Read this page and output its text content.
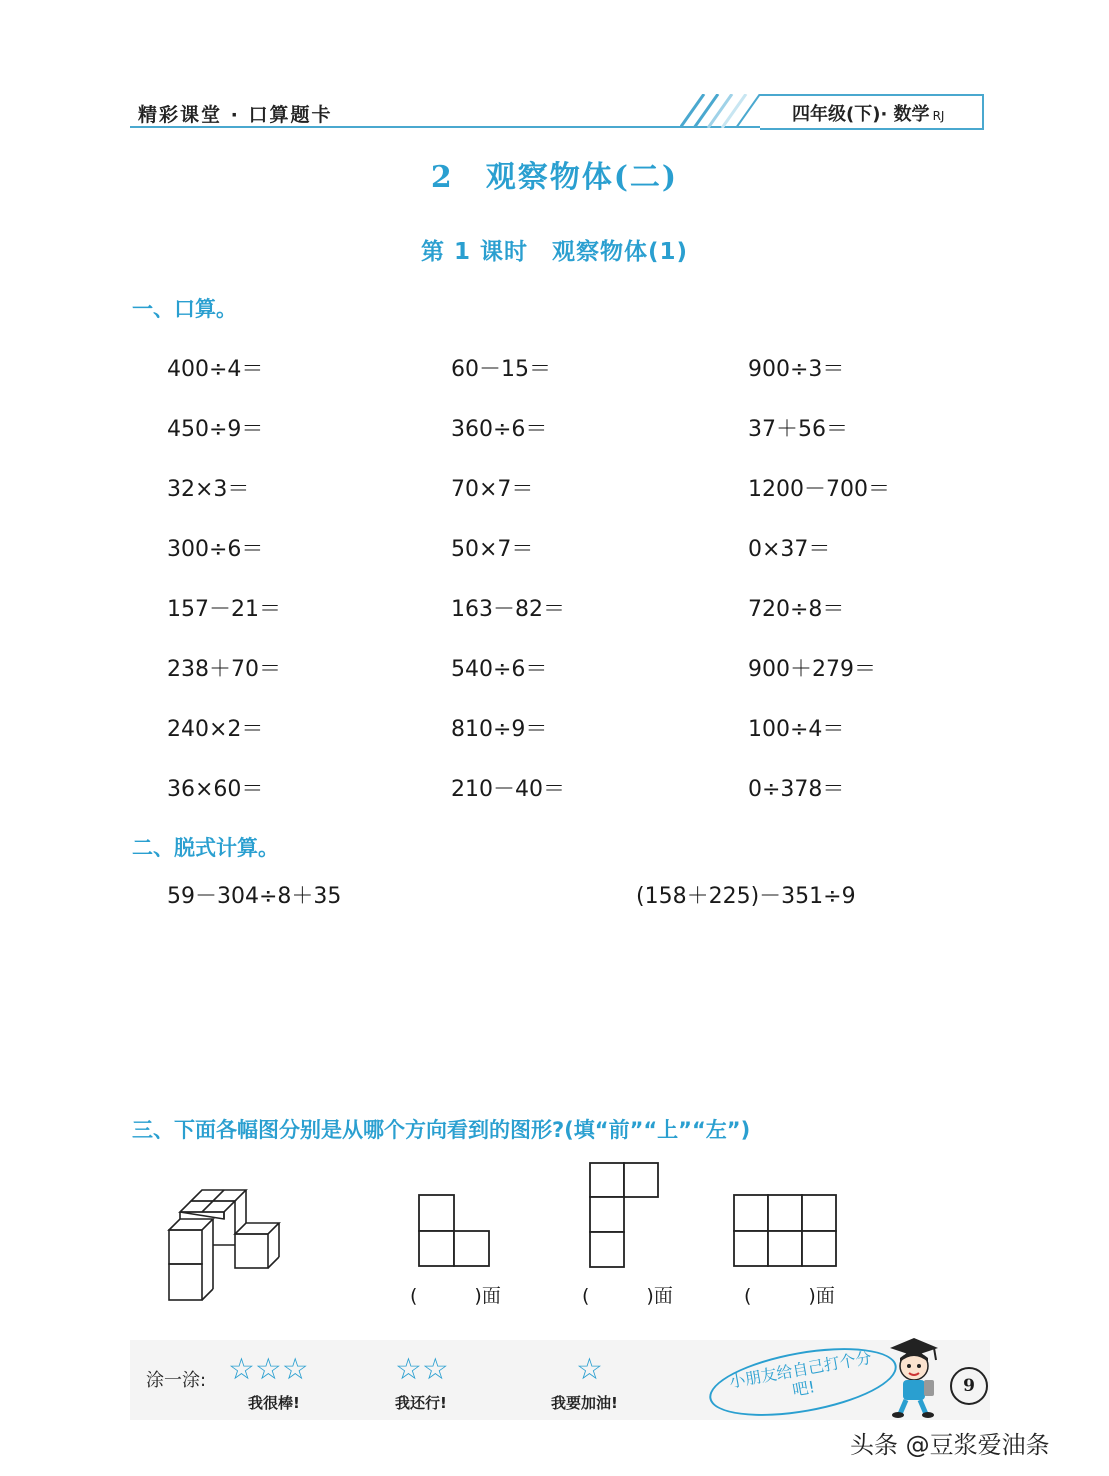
精彩课堂 · 口算题卡	四年级(下)· 数学 RJ
2　观察物体(二)
第 1 课时　观察物体(1)
一、口算。
400÷4＝	60－15＝	900÷3＝
450÷9＝	360÷6＝	37＋56＝
32×3＝	70×7＝	1200－700＝
300÷6＝	50×7＝	0×37＝
157－21＝	163－82＝	720÷8＝
238＋70＝	540÷6＝	900＋279＝
240×2＝	810÷9＝	100÷4＝
36×60＝	210－40＝	0÷378＝
二、脱式计算。
59－304÷8＋35	(158＋225)－351÷9
三、下面各幅图分别是从哪个方向看到的图形?(填“前”“上”“左”)
(　　　)面	(　　　)面	(　　　)面
涂一涂: ☆☆☆
我很棒!
☆☆
我还行!
☆
我要加油!
小朋友给自己打个分吧!	9
头条 @豆浆爱油条
